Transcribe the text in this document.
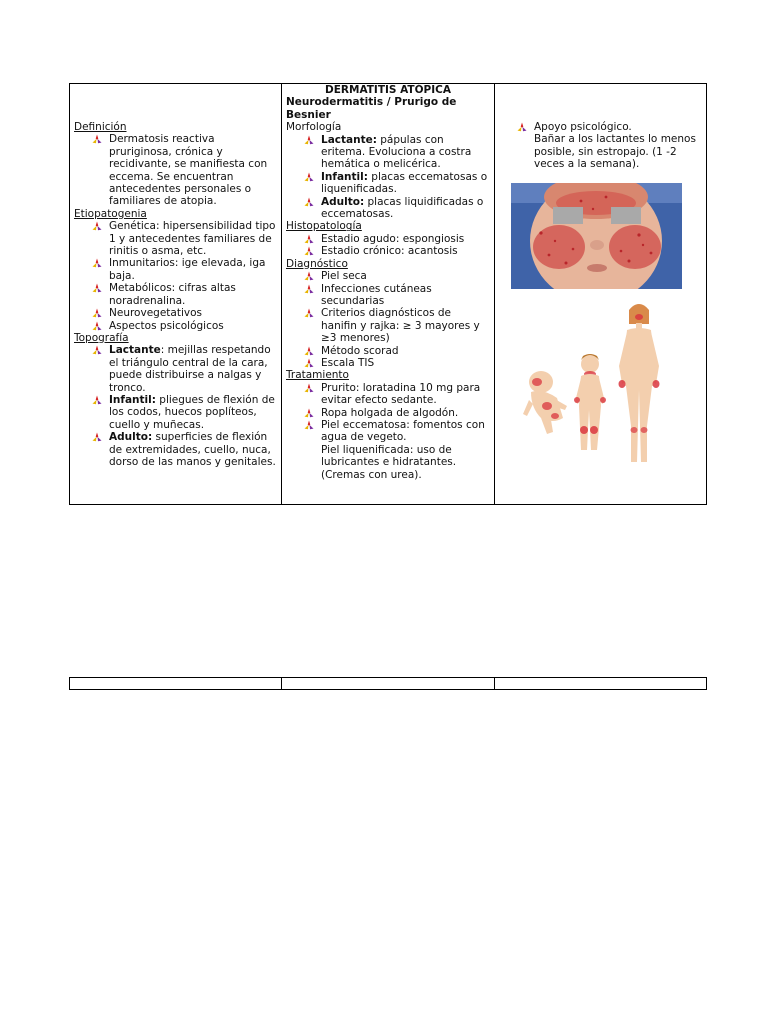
Definición
Dermatosis reactiva pruriginosa, crónica y recidivante, se manifiesta con eccema. Se encuentran antecedentes personales o familiares de atopia.
Etiopatogenia
Genética: hipersensibilidad tipo 1 y antecedentes familiares de rinitis o asma, etc.
Inmunitarios: ige elevada, iga baja.
Metabólicos: cifras altas noradrenalina.
Neurovegetativos
Aspectos psicológicos
Topografía
Lactante: mejillas respetando el triángulo central de la cara, puede distribuirse a nalgas y tronco.
Infantil: pliegues de flexión de los codos, huecos poplíteos, cuello y muñecas.
Adulto: superficies de flexión de extremidades, cuello, nuca, dorso de las manos y genitales.
DERMATITIS ATÓPICA
Neurodermatitis / Prurigo de Besnier
Morfología
Lactante: pápulas con eritema. Evoluciona a costra hemática o melicérica.
Infantil: placas eccematosas o liquenificadas.
Adulto: placas liquidificadas o eccematosas.
Histopatología
Estadio agudo: espongiosis
Estadio crónico: acantosis
Diagnóstico
Piel seca
Infecciones cutáneas secundarias
Criterios diagnósticos de hanifin y rajka: ≥ 3 mayores y ≥3 menores)
Método scorad
Escala TIS
Tratamiento
Prurito: loratadina 10 mg para evitar efecto sedante.
Ropa holgada de algodón.
Piel eccematosa: fomentos con agua de vegeto.
Piel liquenificada: uso de lubricantes e hidratantes. (Cremas con urea).
Apoyo psicológico.
Bañar a los lactantes lo menos posible, sin estropajo. (1 -2 veces a la semana).
